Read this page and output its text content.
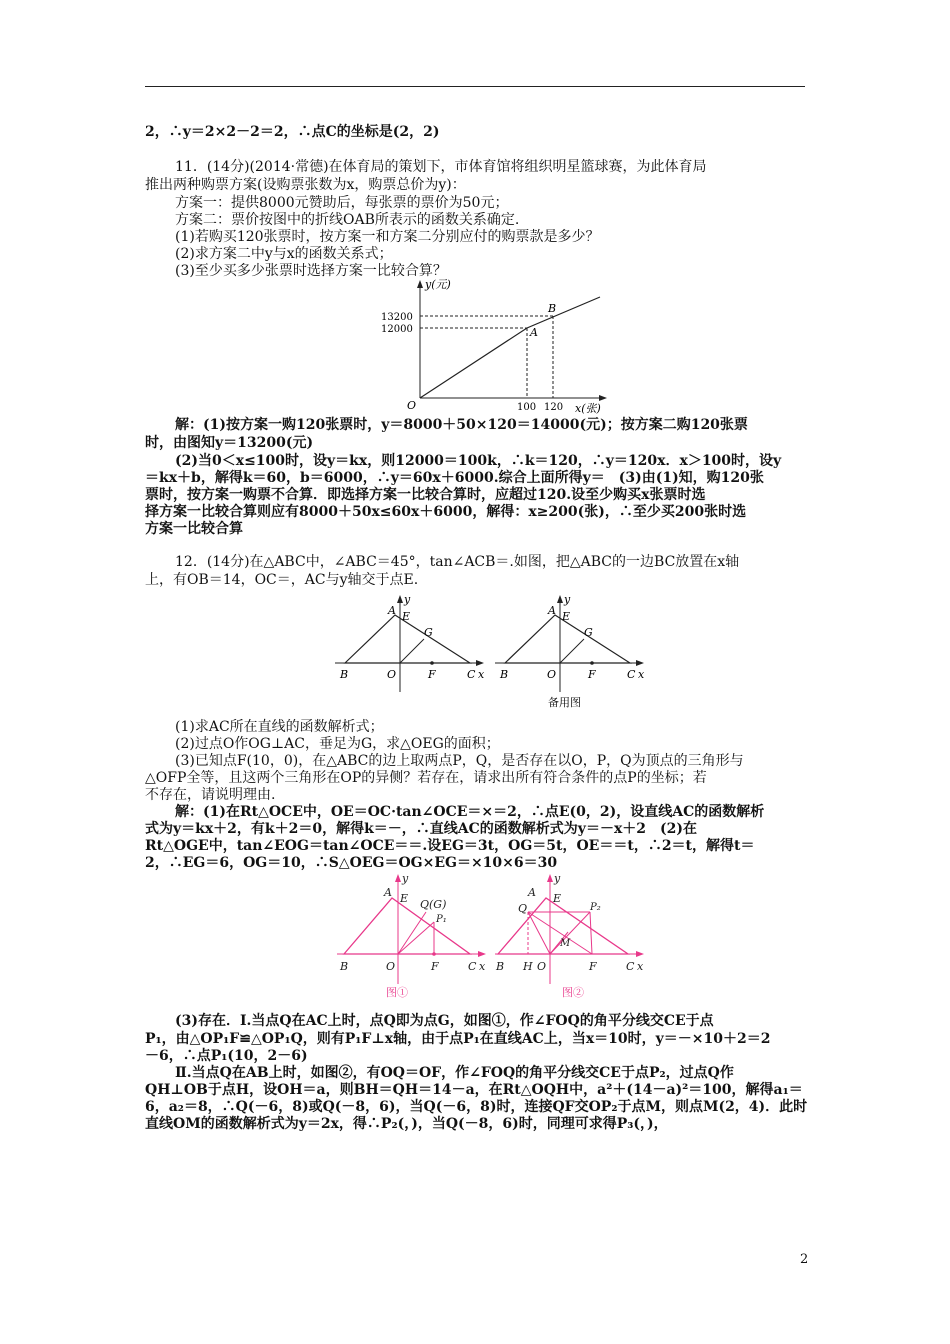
2，∴y＝2×2－2＝2，∴点C的坐标是(2，2)
11．(14分)(2014·常德)在体育局的策划下，市体育馆将组织明星篮球赛，为此体育局
推出两种购票方案(设购票张数为x，购票总价为y)：
方案一：提供8000元赞助后，每张票的票价为50元；
方案二：票价按图中的折线OAB所表示的函数关系确定.
(1)若购买120张票时，按方案一和方案二分别应付的购票款是多少？
(2)求方案二中y与x的函数关系式；
(3)至少买多少张票时选择方案一比较合算？
y(元)
x(张)
O
A
B
13200
12000
100 120
解：(1)按方案一购120张票时，y＝8000＋50×120＝14000(元)；按方案二购120张票
时，由图知y＝13200(元)
(2)当0＜x≤100时，设y＝kx，则12000＝100k，∴k＝120，∴y＝120x．x＞100时，设y
＝kx＋b，解得k＝60，b＝6000，∴y＝60x＋6000.综合上面所得y＝　(3)由(1)知，购120张
票时，按方案一购票不合算．即选择方案一比较合算时，应超过120.设至少购买x张票时选
择方案一比较合算则应有8000＋50x≤60x＋6000，解得：x≥200(张)，∴至少买200张时选
方案一比较合算
12．(14分)在△ABC中，∠ABC＝45°，tan∠ACB＝.如图，把△ABC的一边BC放置在x轴
上，有OB＝14，OC＝，AC与y轴交于点E.
A E
G
B	O	F	C x
y
A E
G
B	O	F	C x
y
备用图
(1)求AC所在直线的函数解析式；
(2)过点O作OG⊥AC，垂足为G，求△OEG的面积；
(3)已知点F(10，0)，在△ABC的边上取两点P，Q，是否存在以O，P，Q为顶点的三角形与
△OFP全等，且这两个三角形在OP的异侧？若存在，请求出所有符合条件的点P的坐标；若
不存在，请说明理由.
解：(1)在Rt△OCE中，OE＝OC·tan∠OCE＝×＝2，∴点E(0，2)，设直线AC的函数解析
式为y＝kx＋2，有k＋2＝0，解得k＝－，∴直线AC的函数解析式为y＝－x＋2　(2)在
Rt△OGE中，tan∠EOG＝tan∠OCE＝＝.设EG＝3t，OG＝5t，OE＝＝t，∴2＝t，解得t＝
2，∴EG＝6，OG＝10，∴S△OEG＝OG×EG＝×10×6＝30
A E Q(G)
P₁
B	O	F	C x
y
图①
A E
Q	P₂
M
B H O	F	C x
y
图②
(3)存在．Ⅰ.当点Q在AC上时，点Q即为点G，如图①，作∠FOQ的角平分线交CE于点
P₁，由△OP₁F≌△OP₁Q，则有P₁F⊥x轴，由于点P₁在直线AC上，当x＝10时，y＝－×10＋2＝2
－6，∴点P₁(10，2－6)
Ⅱ.当点Q在AB上时，如图②，有OQ＝OF，作∠FOQ的角平分线交CE于点P₂，过点Q作
QH⊥OB于点H，设OH＝a，则BH＝QH＝14－a，在Rt△OQH中，a²＋(14－a)²＝100，解得a₁＝
6，a₂＝8，∴Q(－6，8)或Q(－8，6)，当Q(－6，8)时，连接QF交OP₂于点M，则点M(2，4)．此时
直线OM的函数解析式为y＝2x，得∴P₂(，)，当Q(－8，6)时，同理可求得P₃(，)，
2
